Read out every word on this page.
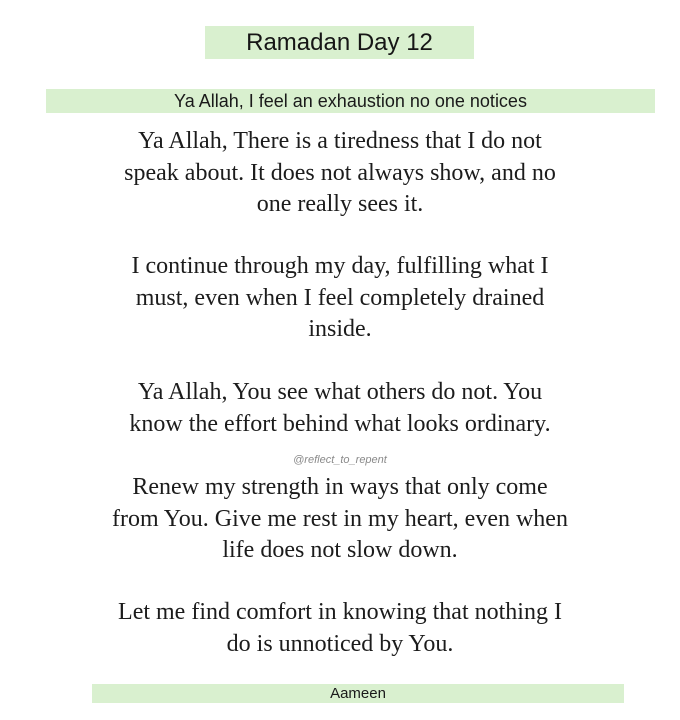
Ramadan Day 12
Ya Allah, I feel an exhaustion no one notices
Ya Allah, There is a tiredness that I do not
speak about. It does not always show, and no
one really sees it.
I continue through my day, fulfilling what I
must, even when I feel completely drained
inside.
Ya Allah, You see what others do not. You
know the effort behind what looks ordinary.
@reflect_to_repent
Renew my strength in ways that only come
from You. Give me rest in my heart, even when
life does not slow down.
Let me find comfort in knowing that nothing I
do is unnoticed by You.
Aameen
